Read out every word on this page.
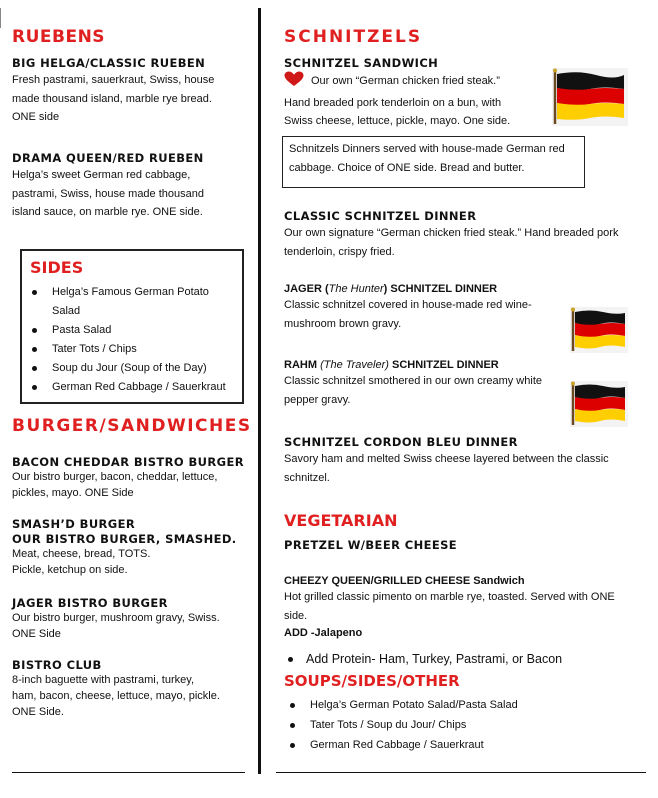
RUEBENS
BIG HELGA/CLASSIC RUEBEN
Fresh pastrami, sauerkraut, Swiss, house
made thousand island, marble rye bread.
ONE side
DRAMA QUEEN/RED RUEBEN
Helga’s sweet German red cabbage,
pastrami, Swiss, house made thousand
island sauce, on marble rye. ONE side.
SIDES
Helga’s Famous German Potato
Salad
Pasta Salad
Tater Tots / Chips
Soup du Jour (Soup of the Day)
German Red Cabbage / Sauerkraut
BURGER/SANDWICHES
BACON CHEDDAR BISTRO BURGER
Our bistro burger, bacon, cheddar, lettuce,
pickles, mayo. ONE Side
SMASH’D BURGER
OUR BISTRO BURGER, SMASHED.
Meat, cheese, bread, TOTS.
Pickle, ketchup on side.
JAGER BISTRO BURGER
Our bistro burger, mushroom gravy, Swiss.
ONE Side
BISTRO CLUB
8-inch baguette with pastrami, turkey,
ham, bacon, cheese, lettuce, mayo, pickle.
ONE Side.
SCHNITZELS
SCHNITZEL SANDWICH
Our own “German chicken fried steak.”
Hand breaded pork tenderloin on a bun, with
Swiss cheese, lettuce, pickle, mayo. One side.
Schnitzels Dinners served with house-made German red
cabbage. Choice of ONE side. Bread and butter.
CLASSIC SCHNITZEL DINNER
Our own signature “German chicken fried steak.” Hand breaded pork
tenderloin, crispy fried.
JAGER (The Hunter) SCHNITZEL DINNER
Classic schnitzel covered in house-made red wine-
mushroom brown gravy.
RAHM (The Traveler) SCHNITZEL DINNER
Classic schnitzel smothered in our own creamy white
pepper gravy.
SCHNITZEL CORDON BLEU DINNER
Savory ham and melted Swiss cheese layered between the classic
schnitzel.
VEGETARIAN
PRETZEL W/BEER CHEESE
CHEEZY QUEEN/GRILLED CHEESE Sandwich
Hot grilled classic pimento on marble rye, toasted. Served with ONE
side.
ADD -Jalapeno
Add Protein- Ham, Turkey, Pastrami, or Bacon
SOUPS/SIDES/OTHER
Helga’s German Potato Salad/Pasta Salad
Tater Tots / Soup du Jour/ Chips
German Red Cabbage / Sauerkraut
